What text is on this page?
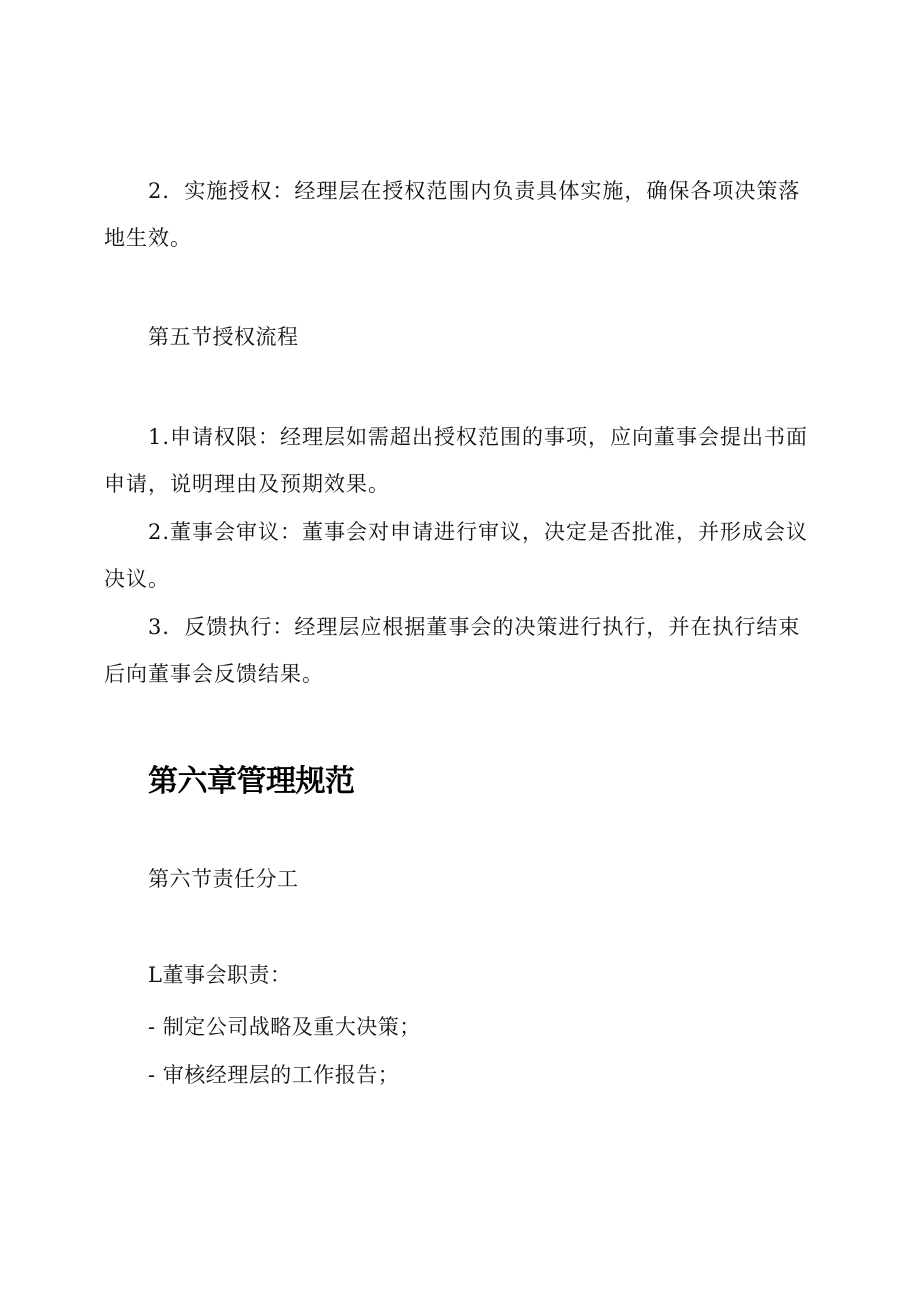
2．实施授权：经理层在授权范围内负责具体实施，确保各项决策落地生效。

第五节授权流程

1.申请权限：经理层如需超出授权范围的事项，应向董事会提出书面申请，说明理由及预期效果。

2.董事会审议：董事会对申请进行审议，决定是否批准，并形成会议决议。

3．反馈执行：经理层应根据董事会的决策进行执行，并在执行结束后向董事会反馈结果。

第六章管理规范

第六节责任分工

L董事会职责：

- 制定公司战略及重大决策；

- 审核经理层的工作报告；
